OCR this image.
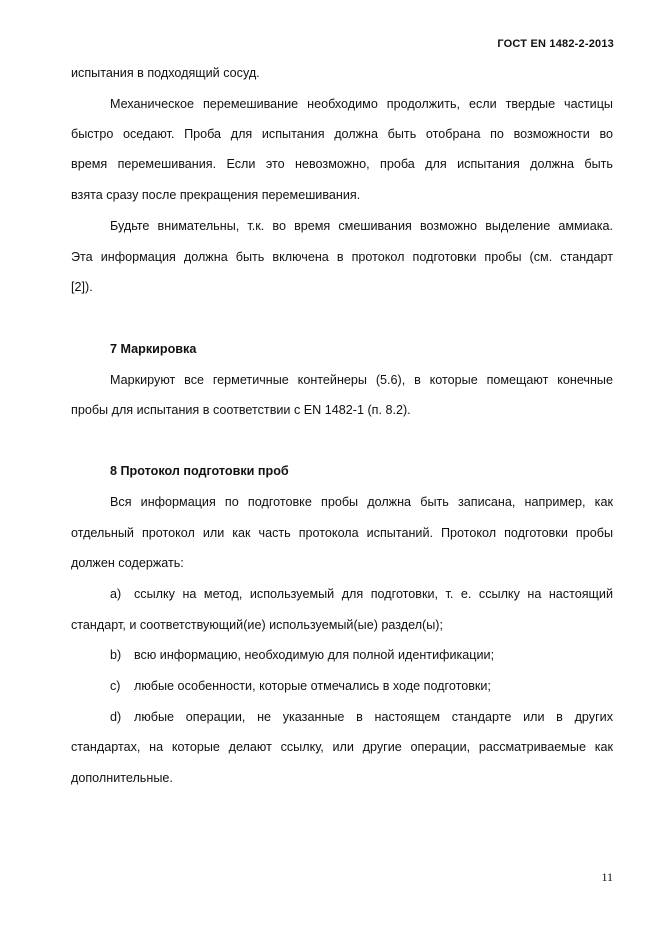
ГОСТ EN 1482-2-2013
испытания в подходящий сосуд.
Механическое перемешивание необходимо продолжить, если твердые частицы
быстро оседают. Проба для испытания должна быть отобрана по возможности во
время перемешивания. Если это невозможно, проба для испытания должна быть
взята сразу после прекращения перемешивания.
Будьте внимательны, т.к. во время смешивания возможно выделение аммиака.
Эта информация должна быть включена в протокол подготовки пробы (см. стандарт
[2]).
7 Маркировка
Маркируют все герметичные контейнеры (5.6), в которые помещают конечные
пробы для испытания в соответствии с EN 1482-1 (п. 8.2).
8 Протокол подготовки проб
Вся информация по подготовке пробы должна быть записана, например, как
отдельный протокол или как часть протокола испытаний. Протокол подготовки пробы
должен содержать:
a)	ссылку на метод, используемый для подготовки, т. е. ссылку на настоящий
стандарт, и соответствующий(ие) используемый(ые) раздел(ы);
b) всю информацию, необходимую для полной идентификации;
c) любые особенности, которые отмечались в ходе подготовки;
d)	любые операции, не указанные в настоящем стандарте или в других
стандартах, на которые делают ссылку, или другие операции, рассматриваемые как
дополнительные.
11
